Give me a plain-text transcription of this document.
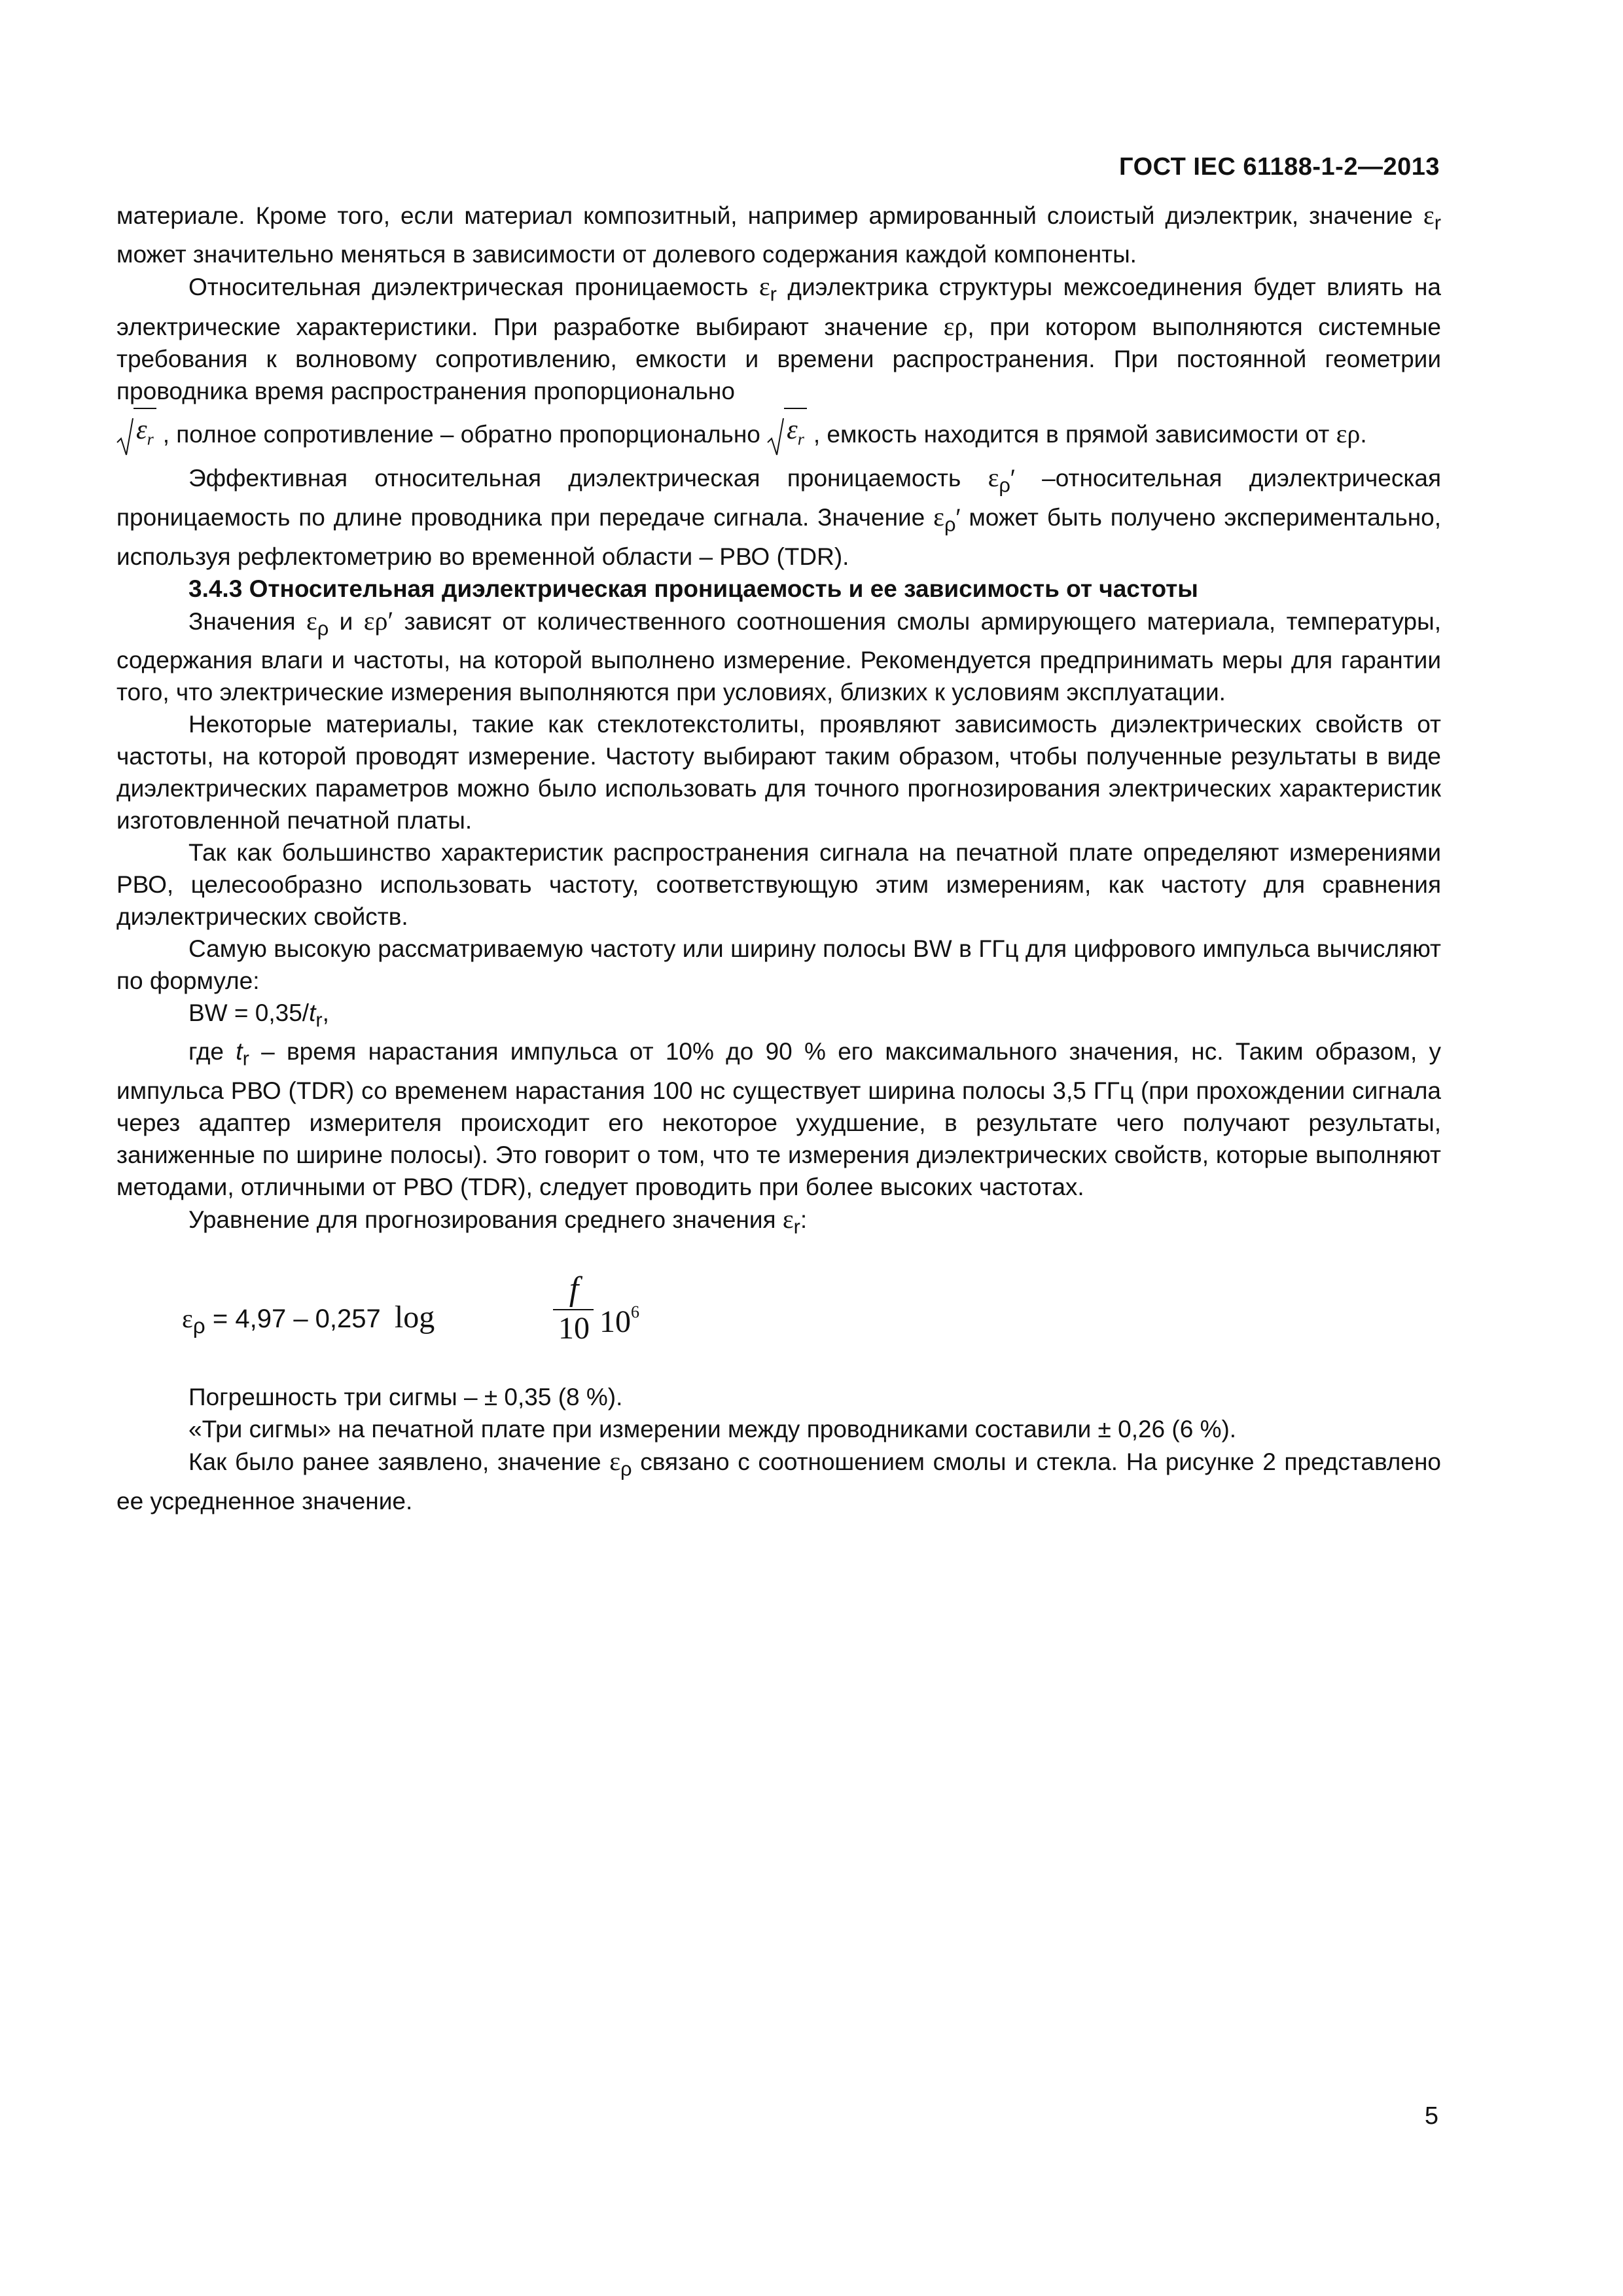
ГОСТ IEC 61188-1-2—2013

материале. Кроме того, если материал композитный, например армированный слоистый диэлектрик, значение $\varepsilon_r$ может значительно меняться в зависимости от долевого содержания каждой компоненты.

Относительная диэлектрическая проницаемость $\varepsilon_r$ диэлектрика структуры межсоединения будет влиять на электрические характеристики. При разработке выбирают значение ερ, при котором выполняются системные требования к волновому сопротивлению, емкости и времени распространения. При постоянной геометрии проводника время распространения пропорционально

$\varepsilon_r$ , полное сопротивление – обратно пропорционально $\varepsilon_r$ , емкость находится в прямой зависимости от ερ.

Эффективная относительная диэлектрическая проницаемость $\varepsilon_\rho'$ –относительная диэлектрическая проницаемость по длине проводника при передаче сигнала. Значение $\varepsilon_\rho'$ может быть получено экспериментально, используя рефлектометрию во временной области – РВО (TDR).

3.4.3 Относительная диэлектрическая проницаемость и ее зависимость от частоты

Значения $\varepsilon_\rho$ и ερ′ зависят от количественного соотношения смолы армирующего материала, температуры, содержания влаги и частоты, на которой выполнено измерение. Рекомендуется предпринимать меры для гарантии того, что электрические измерения выполняются при условиях, близких к условиям эксплуатации.

Некоторые материалы, такие как стеклотекстолиты, проявляют зависимость диэлектрических свойств от частоты, на которой проводят измерение. Частоту выбирают таким образом, чтобы полученные результаты в виде диэлектрических параметров можно было использовать для точного прогнозирования электрических характеристик изготовленной печатной платы.

Так как большинство характеристик распространения сигнала на печатной плате определяют измерениями РВО, целесообразно использовать частоту, соответствующую этим измерениям, как частоту для сравнения диэлектрических свойств.

Самую высокую рассматриваемую частоту или ширину полосы BW в ГГц для цифрового импульса вычисляют по формуле:

BW = $0,35/t_r$,

где $t_r$ – время нарастания импульса от 10% до 90 % его максимального значения, нс. Таким образом, у импульса РВО (TDR) со временем нарастания 100 нс существует ширина полосы 3,5 ГГц (при прохождении сигнала через адаптер измерителя происходит его некоторое ухудшение, в результате чего получают результаты, заниженные по ширине полосы). Это говорит о том, что те измерения диэлектрических свойств, которые выполняют методами, отличными от РВО (TDR), следует проводить при более высоких частотах.

Уравнение для прогнозирования среднего значения $\varepsilon_r$:

$\varepsilon_\rho = 4,97 - 0,257$ log
f
10 $10^6$

Погрешность три сигмы – ± 0,35 (8 %).

«Три сигмы» на печатной плате при измерении между проводниками составили ± 0,26 (6 %).

Как было ранее заявлено, значение $\varepsilon_\rho$ связано с соотношением смолы и стекла. На рисунке 2 представлено ее усредненное значение.

5
